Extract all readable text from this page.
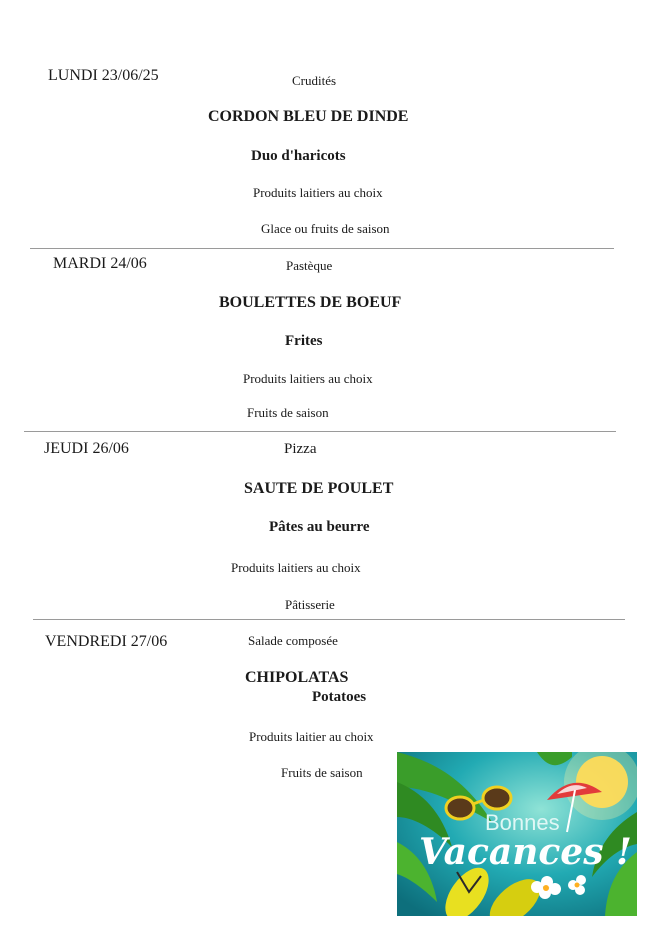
LUNDI 23/06/25	Crudités
CORDON BLEU DE DINDE
Duo d'haricots
Produits laitiers au choix
Glace ou fruits de saison
MARDI 24/06	Pastèque
BOULETTES DE BOEUF
Frites
Produits laitiers au choix
Fruits de saison
JEUDI 26/06	Pizza
SAUTE DE POULET
Pâtes au beurre
Produits laitiers au choix
Pâtisserie
VENDREDI 27/06	Salade composée
CHIPOLATAS
Potatoes
Produits laitier au choix
Fruits de saison
Bonnes
Vacances !
